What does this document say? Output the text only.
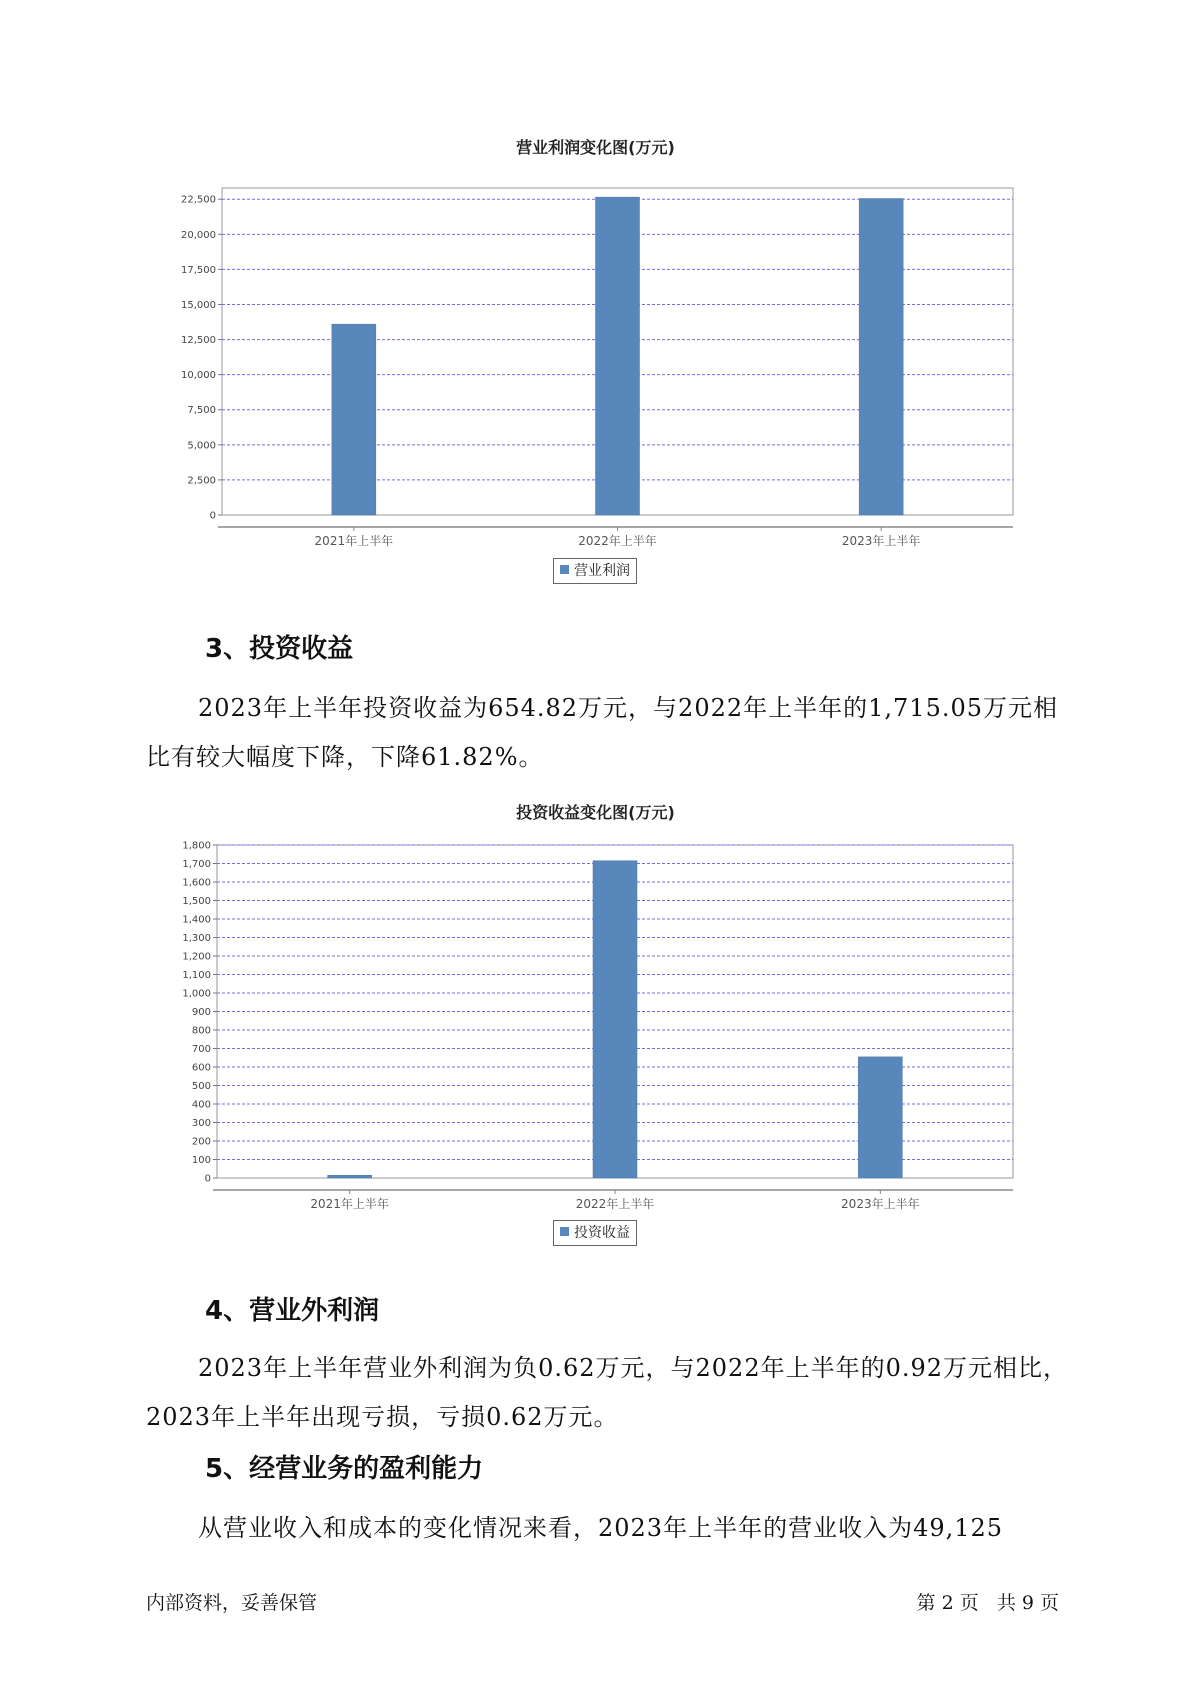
营业利润变化图(万元)
0
2,500
5,000
7,500
10,000
12,500
15,000
17,500
20,000
22,500
2021年上半年	2022年上半年	2023年上半年
营业利润
3、投资收益

2023年上半年投资收益为654.82万元，与2022年上半年的1,715.05万元相比有较大幅度下降，下降61.82%。

投资收益变化图(万元)
0
100
200
300
400
500
600
700
800
900
1,000
1,100
1,200
1,300
1,400
1,500
1,600
1,700
1,800
2021年上半年	2022年上半年	2023年上半年
投资收益
4、营业外利润

2023年上半年营业外利润为负0.62万元，与2022年上半年的0.92万元相比，2023年上半年出现亏损，亏损0.62万元。

5、经营业务的盈利能力

从营业收入和成本的变化情况来看，2023年上半年的营业收入为49,125

内部资料，妥善保管	第 2 页   共 9 页
